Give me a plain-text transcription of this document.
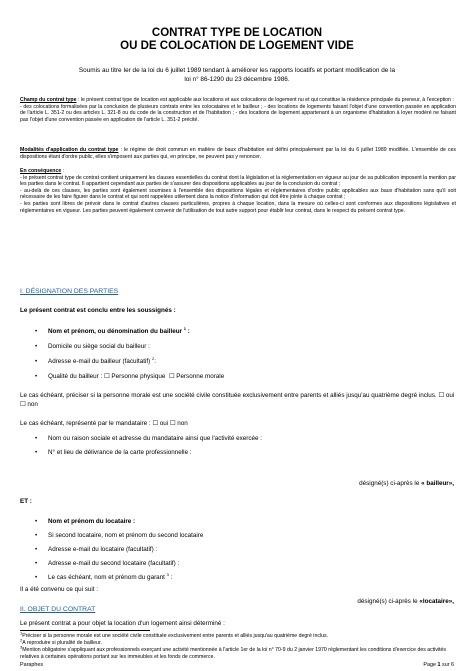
CONTRAT TYPE DE LOCATION
OU DE COLOCATION DE LOGEMENT VIDE
Soumis au titre Ier de la loi du 6 juillet 1989 tendant à améliorer les rapports locatifs et portant modification de la
loi n° 86-1290 du 23 décembre 1986.
Champ du contrat type : le présent contrat type de location est applicable aux locations et aux colocations de logement nu et qui constitue la résidence principale du preneur, à l'exception :
- des colocations formalisées par la conclusion de plusieurs contrats entre les colocataires et le bailleur ; - des locations de logements faisant l'objet d'une convention passée en application de l'article L. 351-2 ou des articles L. 321-8 ou du code de la construction et de l'habitation ; - des locations de logement appartenant à un organisme d'habitation à loyer modéré ne faisant pas l'objet d'une convention passée en application de l'article L. 351-2 précité.
Modalités d'application du contrat type : le régime de droit commun en matière de baux d'habitation est défini principalement par la loi du 6 juillet 1989 modifiée. L'ensemble de ces dispositions étant d'ordre public, elles s'imposent aux parties qui, en principe, ne peuvent pas y renoncer.
En conséquence :
- le présent contrat type de contrat contient uniquement les clauses essentielles du contrat dont la législation et la réglementation en vigueur au jour de sa publication imposent la mention par les parties dans le contrat. Il appartient cependant aux parties de s'assurer des dispositions applicables au jour de la conclusion du contrat ;
- au-delà de ces clauses, les parties sont également soumises à l'ensemble des dispositions légales et réglementaires d'ordre public applicables aux baux d'habitation sans qu'il soit nécessaire de les faire figurer dans le contrat et qui sont rappelées utilement dans la notice d'information qui doit être jointe à chaque contrat ;
- les parties sont libres de prévoir dans le contrat d'autres clauses particulières, propres à chaque location, dans la mesure où celles-ci sont conformes aux dispositions législatives et réglementaires en vigueur. Les parties peuvent également convenir de l'utilisation de tout autre support pour établir leur contrat, dans le respect du présent contrat type.
I. DÉSIGNATION DES PARTIES
Le présent contrat est conclu entre les soussignés :
• Nom et prénom, ou dénomination du bailleur $^1$ :
• Domicile ou siège social du bailleur :
• Adresse e-mail du bailleur (facultatif) $^2$:
• Qualité du bailleur : ☐ Personne physique ☐ Personne morale
Le cas échéant, préciser si la personne morale est une société civile constituée exclusivement entre parents et alliés jusqu'au quatrième degré inclus. ☐ oui ☐ non
Le cas échéant, représenté par le mandataire : ☐ oui ☐ non
• Nom ou raison sociale et adresse du mandataire ainsi que l'activité exercée :
• N° et lieu de délivrance de la carte professionnelle :
désigné(s) ci-après le « bailleur»,
ET :
• Nom et prénom du locataire :
• Si second locataire, nom et prénom du second locataire
• Adresse e-mail du locataire (facultatif) :
• Adresse e-mail du second locataire (facultatif) :
• Le cas échéant, nom et prénom du garant $^3$ :
désigné(s) ci-après le «locataire»,
Il a été convenu ce qui suit :
II. OBJET DU CONTRAT
Le présent contrat a pour objet la location d'un logement ainsi déterminé :
$^1$Préciser si la personne morale est une société civile constituée exclusivement entre parents et alliés jusqu'au quatrième degré inclus.
$^2$A reproduire si pluralité de bailleur.
$^3$Mention obligatoire s'appliquant aux professionnels exerçant une activité mentionnée à l'article 1er de la loi n° 70-9 du 2 janvier 1970 réglementant les conditions d'exercice des activités relatives à certaines opérations portant sur les immeubles et les fonds de commerce.
Paraphes	Page 1 sur 6
